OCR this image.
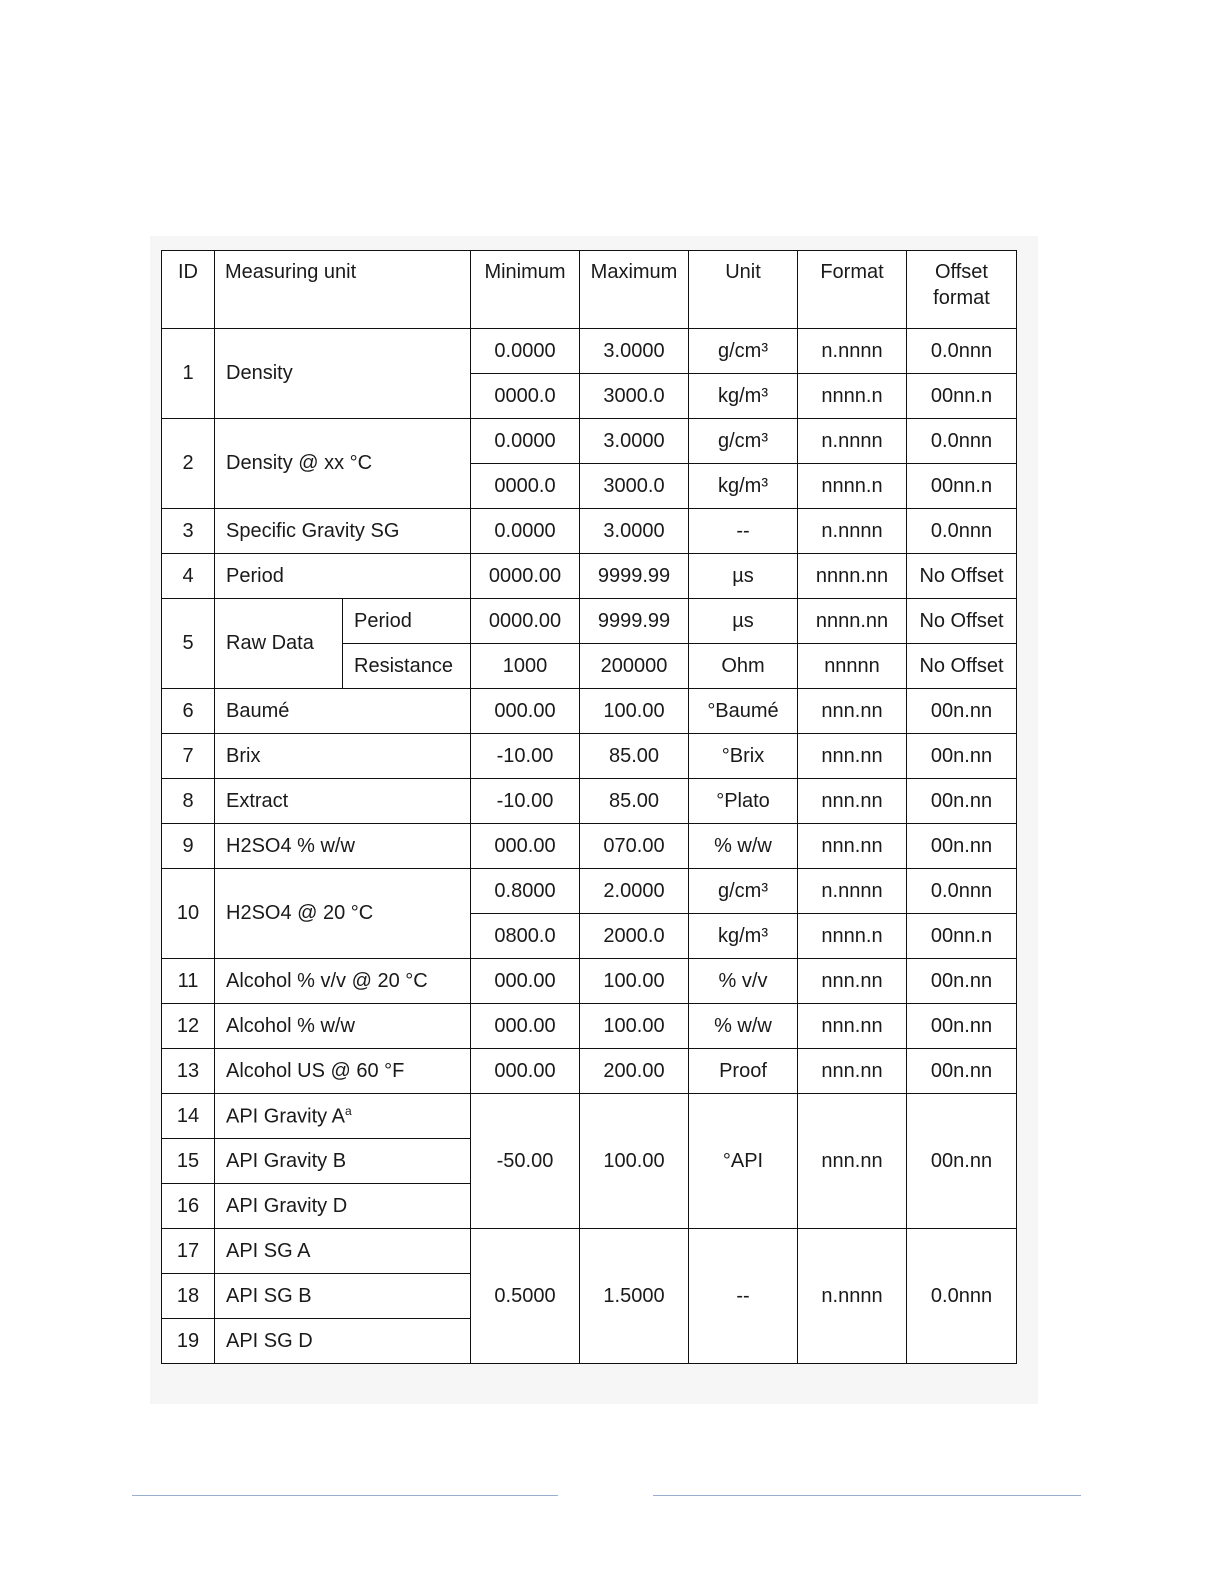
ID	Measuring unit		Minimum	Maximum	Unit	Format	Offset
format
1	Density		0.0000	3.0000	g/cm³	n.nnnn	0.0nnn
			0000.0	3000.0	kg/m³	nnnn.n	00nn.n
2	Density @ xx °C		0.0000	3.0000	g/cm³	n.nnnn	0.0nnn
			0000.0	3000.0	kg/m³	nnnn.n	00nn.n
3	Specific Gravity SG		0.0000	3.0000	--	n.nnnn	0.0nnn
4	Period		0000.00	9999.99	µs	nnnn.nn	No Offset
5	Raw Data	Period	0000.00	9999.99	µs	nnnn.nn	No Offset
		Resistance	1000	200000	Ohm	nnnnn	No Offset
6	Baumé		000.00	100.00	°Baumé	nnn.nn	00n.nn
7	Brix		-10.00	85.00	°Brix	nnn.nn	00n.nn
8	Extract		-10.00	85.00	°Plato	nnn.nn	00n.nn
9	H2SO4 % w/w		000.00	070.00	% w/w	nnn.nn	00n.nn
10	H2SO4 @ 20 °C		0.8000	2.0000	g/cm³	n.nnnn	0.0nnn
			0800.0	2000.0	kg/m³	nnnn.n	00nn.n
11	Alcohol % v/v @ 20 °C		000.00	100.00	% v/v	nnn.nn	00n.nn
12	Alcohol % w/w		000.00	100.00	% w/w	nnn.nn	00n.nn
13	Alcohol US @ 60 °F		000.00	200.00	Proof	nnn.nn	00n.nn
14	API Gravity $A^a$		-50.00	100.00	°API	nnn.nn	00n.nn
15	API Gravity B						
16	API Gravity D						
17	API SG A		0.5000	1.5000	--	n.nnnn	0.0nnn
18	API SG B						
19	API SG D						
